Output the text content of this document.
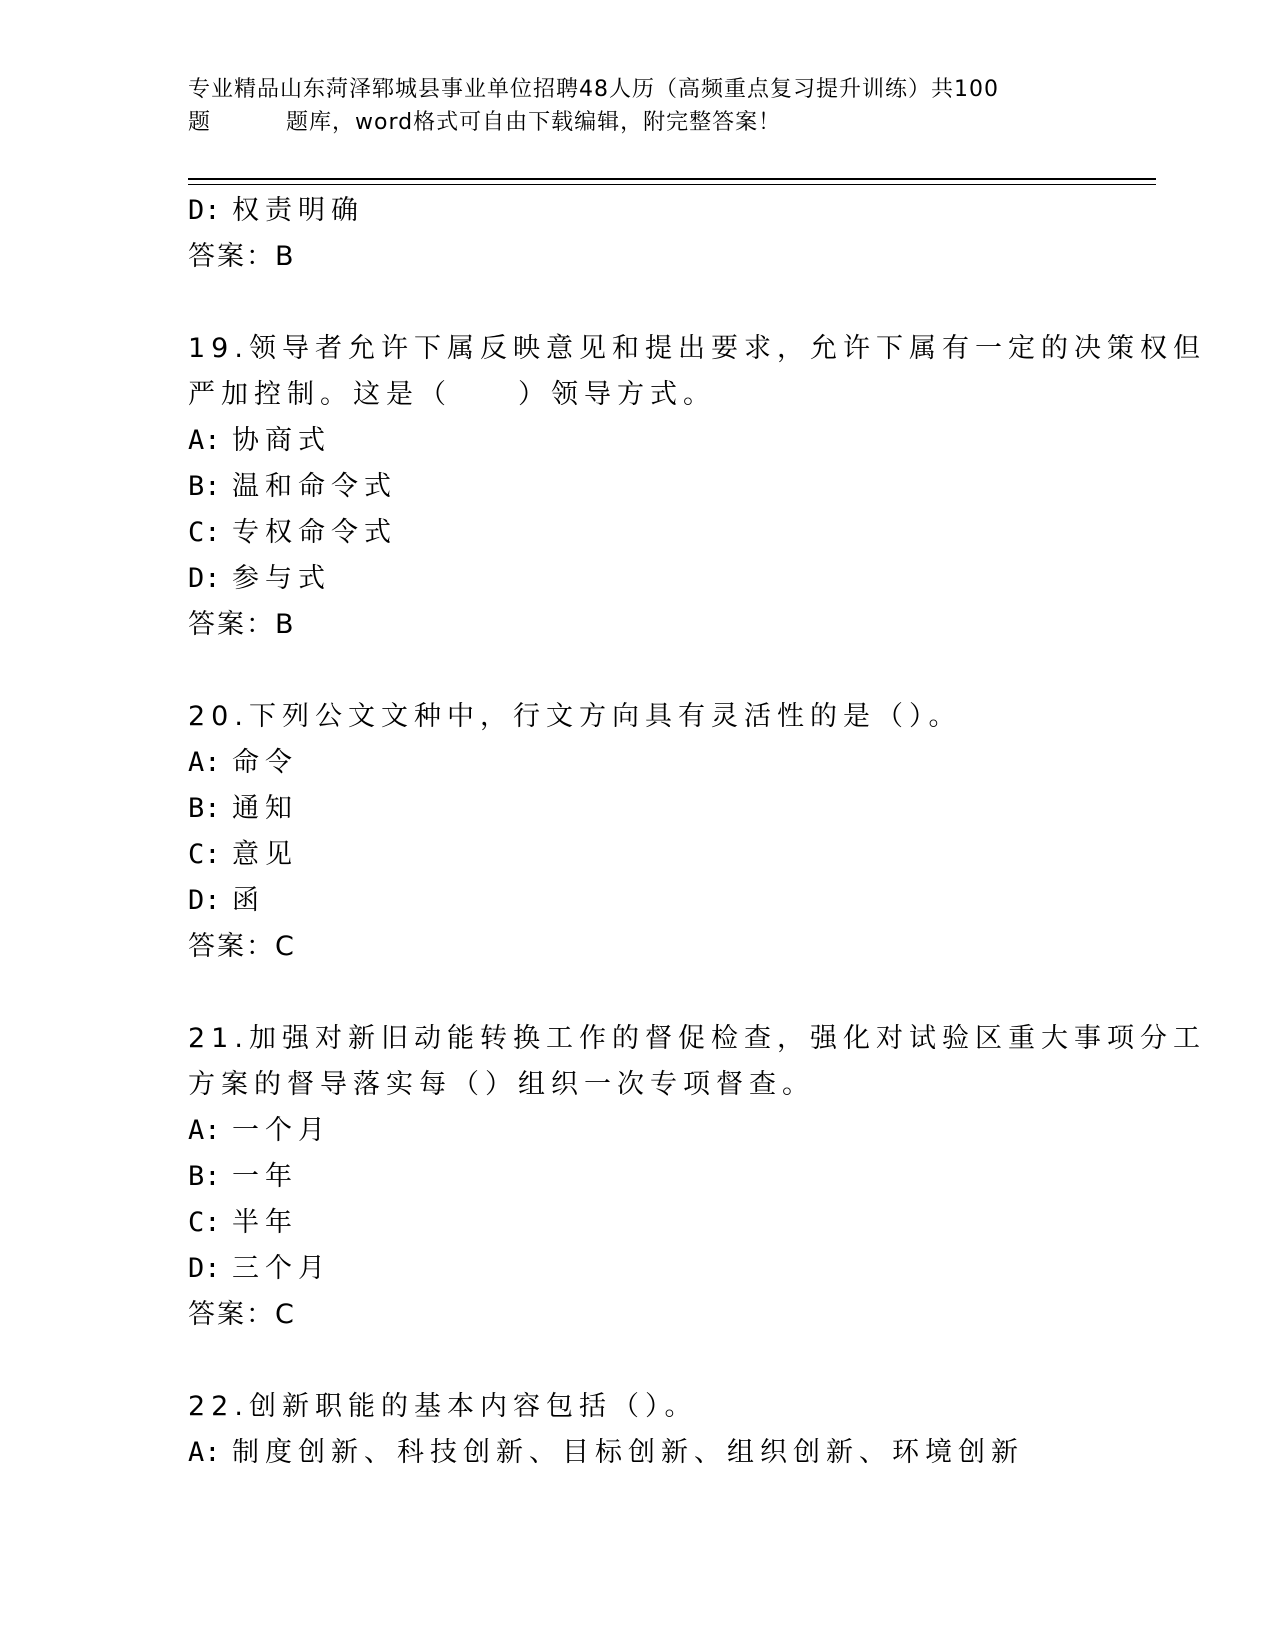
专业精品山东菏泽郓城县事业单位招聘48人历（高频重点复习提升训练）共100
题	题库，word格式可自由下载编辑，附完整答案！
D: 权责明确
答案：B
19.领导者允许下属反映意见和提出要求，允许下属有一定的决策权但
严加控制。这是（　　）领导方式。
A: 协商式
B: 温和命令式
C: 专权命令式
D: 参与式
答案：B
20.下列公文文种中，行文方向具有灵活性的是（）。
A: 命令
B: 通知
C: 意见
D: 函
答案：C
21.加强对新旧动能转换工作的督促检查，强化对试验区重大事项分工
方案的督导落实每（）组织一次专项督查。
A: 一个月
B: 一年
C: 半年
D: 三个月
答案：C
22.创新职能的基本内容包括（）。
A: 制度创新、科技创新、目标创新、组织创新、环境创新
